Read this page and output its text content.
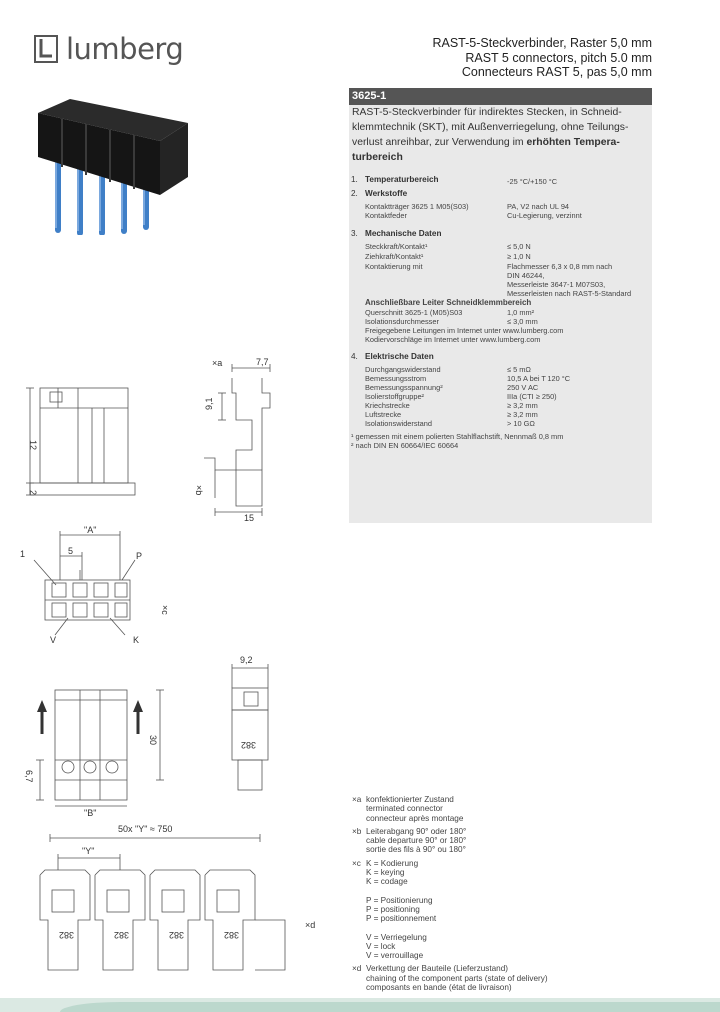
lumberg	RAST-5-Steckverbinder, Raster 5,0 mm
RAST 5 connectors, pitch 5.0 mm
Connecteurs RAST 5, pas 5,0 mm
3625-1
RAST-5-Steckverbinder für indirektes Stecken, in Schneid-
klemmtechnik (SKT), mit Außenverriegelung, ohne Teilungs-
verlust anreihbar, zur Verwendung im erhöhten Tempera-
turbereich
1. Temperaturbereich	-25 °C/+150 °C
2. Werkstoffe
Kontaktträger 3625 1 M05(S03)	PA, V2 nach UL 94
Kontaktfeder	Cu-Legierung, verzinnt
3. Mechanische Daten
Steckkraft/Kontakt¹	≤ 5,0 N
Ziehkraft/Kontakt¹	≥ 1,0 N
Kontaktierung mit	Flachmesser 6,3 x 0,8 mm nach
DIN 46244,
Messerleiste 3647-1 M07S03,
Messerleisten nach RAST-5-Standard
Anschließbare Leiter Schneidklemmbereich
Querschnitt 3625-1 (M05)S03	1,0 mm²
Isolationsdurchmesser	≤ 3,0 mm
Freigegebene Leitungen im Internet unter www.lumberg.com
Kodiervorschläge im Internet unter www.lumberg.com
4. Elektrische Daten
Durchgangswiderstand	≤ 5 mΩ
Bemessungsstrom	10,5 A bei T 120 °C
Bemessungsspannung²	250 V AC
Isolierstoffgruppe²	IIIa (CTI ≥ 250)
Kriechstrecke	≥ 3,2 mm
Luftstrecke	≥ 3,2 mm
Isolationswiderstand	> 10 GΩ
¹ gemessen mit einem polierten Stahlflachstift, Nennmaß 0,8 mm
² nach DIN EN 60664/IEC 60664
×a	7,7
9,1
12
2	×b
15
"A"
5
1	P
×c
V	K
9,2
30
6,7
"B"
382
50x "Y" ≈ 750
"Y"
×d
382	382	382	382
×a konfektionierter Zustand
terminated connector
connecteur après montage
×b Leiterabgang 90° oder 180°
cable departure 90° or 180°
sortie des fils à 90° ou 180°
×c K = Kodierung
K = keying
K = codage
P = Positionierung
P = positioning
P = positionnement
V = Verriegelung
V = lock
V = verrouillage
×d Verkettung der Bauteile (Lieferzustand)
chaining of the component parts (state of delivery)
composants en bande (état de livraison)
